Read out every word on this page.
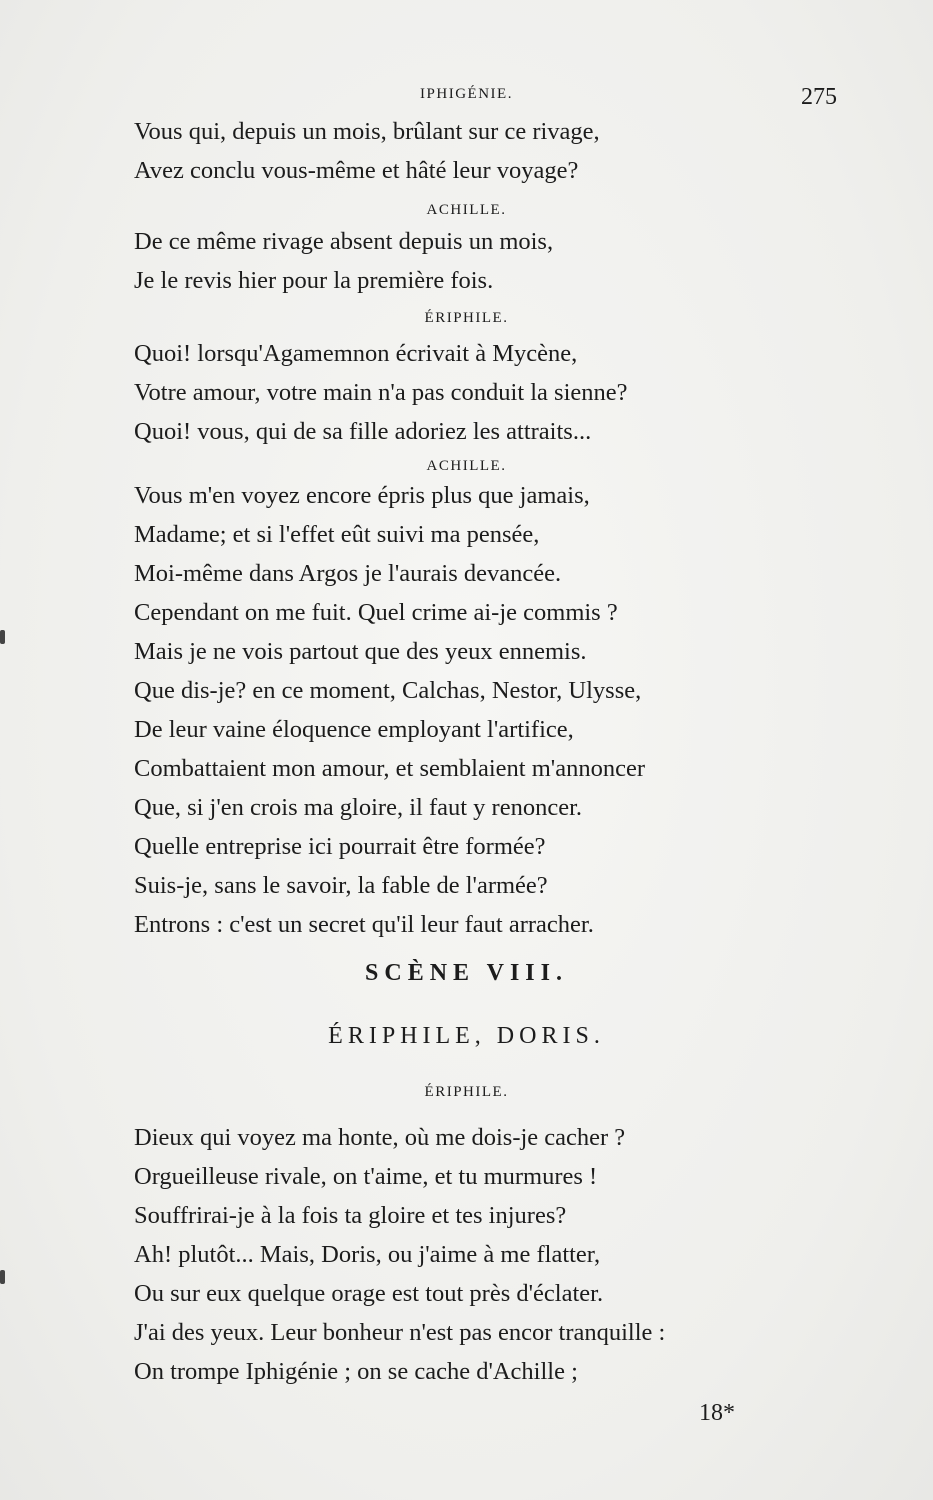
IPHIGÉNIE.	275
Vous qui, depuis un mois, brûlant sur ce rivage,
Avez conclu vous-même et hâté leur voyage?
ACHILLE.
De ce même rivage absent depuis un mois,
Je le revis hier pour la première fois.
ÉRIPHILE.
Quoi! lorsqu'Agamemnon écrivait à Mycène,
Votre amour, votre main n'a pas conduit la sienne?
Quoi! vous, qui de sa fille adoriez les attraits...
ACHILLE.
Vous m'en voyez encore épris plus que jamais,
Madame; et si l'effet eût suivi ma pensée,
Moi-même dans Argos je l'aurais devancée.
Cependant on me fuit. Quel crime ai-je commis ?
Mais je ne vois partout que des yeux ennemis.
Que dis-je? en ce moment, Calchas, Nestor, Ulysse,
De leur vaine éloquence employant l'artifice,
Combattaient mon amour, et semblaient m'annoncer
Que, si j'en crois ma gloire, il faut y renoncer.
Quelle entreprise ici pourrait être formée?
Suis-je, sans le savoir, la fable de l'armée?
Entrons : c'est un secret qu'il leur faut arracher.
SCÈNE VIII.
ÉRIPHILE, DORIS.
ÉRIPHILE.
Dieux qui voyez ma honte, où me dois-je cacher ?
Orgueilleuse rivale, on t'aime, et tu murmures !
Souffrirai-je à la fois ta gloire et tes injures?
Ah! plutôt... Mais, Doris, ou j'aime à me flatter,
Ou sur eux quelque orage est tout près d'éclater.
J'ai des yeux. Leur bonheur n'est pas encor tranquille :
On trompe Iphigénie ; on se cache d'Achille ;
18*
